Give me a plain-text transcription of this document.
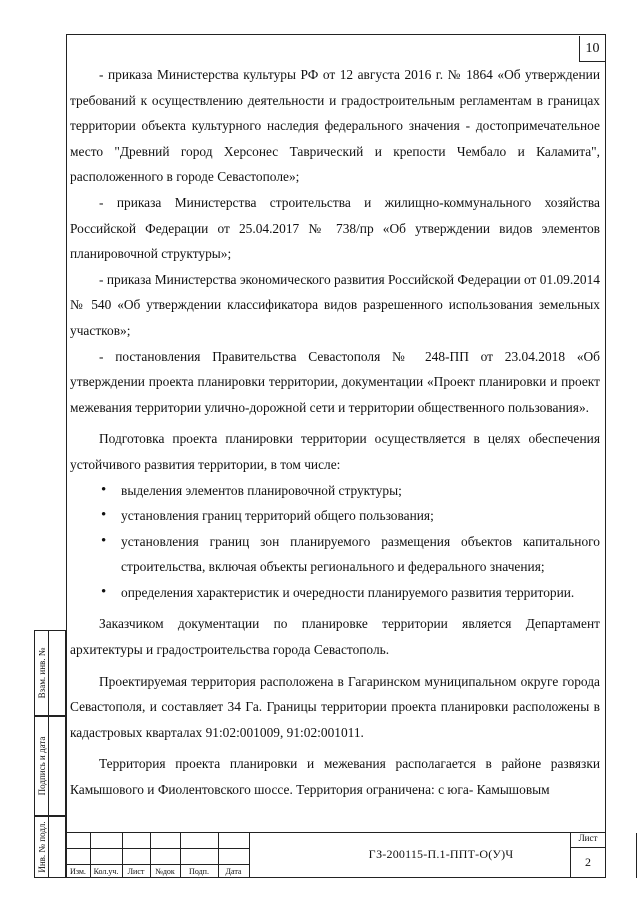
10

- приказа Министерства культуры РФ от 12 августа 2016 г. № 1864 «Об утверждении требований к осуществлению деятельности и градостроительным регламентам в границах территории объекта культурного наследия федерального значения - достопримечательное место "Древний город Херсонес Таврический и крепости Чембало и Каламита", расположенного в городе Севастополе»;

- приказа Министерства строительства и жилищно-коммунального хозяйства Российской Федерации от 25.04.2017 № 738/пр «Об утверждении видов элементов планировочной структуры»;

- приказа Министерства экономического развития Российской Федерации от 01.09.2014 № 540 «Об утверждении классификатора видов разрешенного использования земельных участков»;

- постановления Правительства Севастополя № 248-ПП от 23.04.2018 «Об утверждении проекта планировки территории, документации «Проект планировки и проект межевания территории улично-дорожной сети и территории общественного пользования».

Подготовка проекта планировки территории осуществляется в целях обеспечения устойчивого развития территории, в том числе:

• выделения элементов планировочной структуры;

• установления границ территорий общего пользования;

• установления границ зон планируемого размещения объектов капитального строительства, включая объекты регионального и федерального значения;

• определения характеристик и очередности планируемого развития территории.

Заказчиком документации по планировке территории является Департамент архитектуры и градостроительства города Севастополь.

Проектируемая территория расположена в Гагаринском муниципальном округе города Севастополя, и составляет 34 Га. Границы территории проекта планировки расположены в кадастровых кварталах 91:02:001009, 91:02:001011.

Территория проекта планировки и межевания располагается в районе развязки Камышового и Фиолентовского шоссе. Территория ограничена: с юга- Камышовым

Взам. инв. №
Подпись и дата
Инв. № подл.	Изм. Кол.уч.	Лист	№док	Подп.	Дата
ГЗ-200115-П.1-ППТ-О(У)Ч
Лист
2
